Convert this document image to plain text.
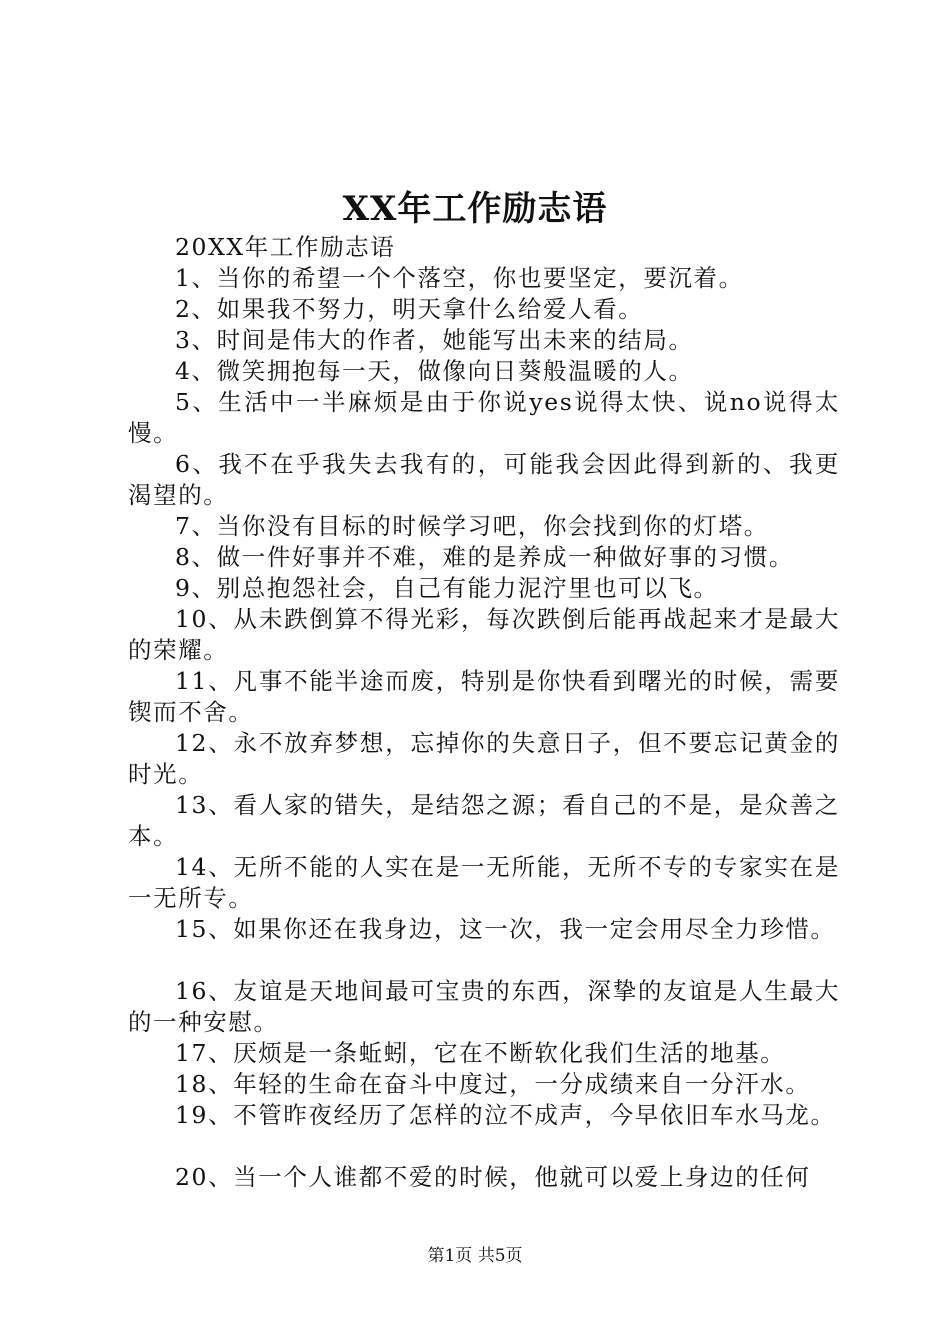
XX年工作励志语

20XX年工作励志语

1、当你的希望一个个落空，你也要坚定，要沉着。

2、如果我不努力，明天拿什么给爱人看。

3、时间是伟大的作者，她能写出未来的结局。

4、微笑拥抱每一天，做像向日葵般温暖的人。

5、生活中一半麻烦是由于你说yes说得太快、说no说得太慢。

6、我不在乎我失去我有的，可能我会因此得到新的、我更渴望的。

7、当你没有目标的时候学习吧，你会找到你的灯塔。

8、做一件好事并不难，难的是养成一种做好事的习惯。

9、别总抱怨社会，自己有能力泥泞里也可以飞。

10、从未跌倒算不得光彩，每次跌倒后能再战起来才是最大的荣耀。

11、凡事不能半途而废，特别是你快看到曙光的时候，需要锲而不舍。

12、永不放弃梦想，忘掉你的失意日子，但不要忘记黄金的时光。

13、看人家的错失，是结怨之源；看自己的不是，是众善之本。

14、无所不能的人实在是一无所能，无所不专的专家实在是一无所专。

15、如果你还在我身边，这一次，我一定会用尽全力珍惜。

16、友谊是天地间最可宝贵的东西，深挚的友谊是人生最大的一种安慰。

17、厌烦是一条蚯蚓，它在不断软化我们生活的地基。

18、年轻的生命在奋斗中度过，一分成绩来自一分汗水。

19、不管昨夜经历了怎样的泣不成声，今早依旧车水马龙。

20、当一个人谁都不爱的时候，他就可以爱上身边的任何

第1页 共5页
